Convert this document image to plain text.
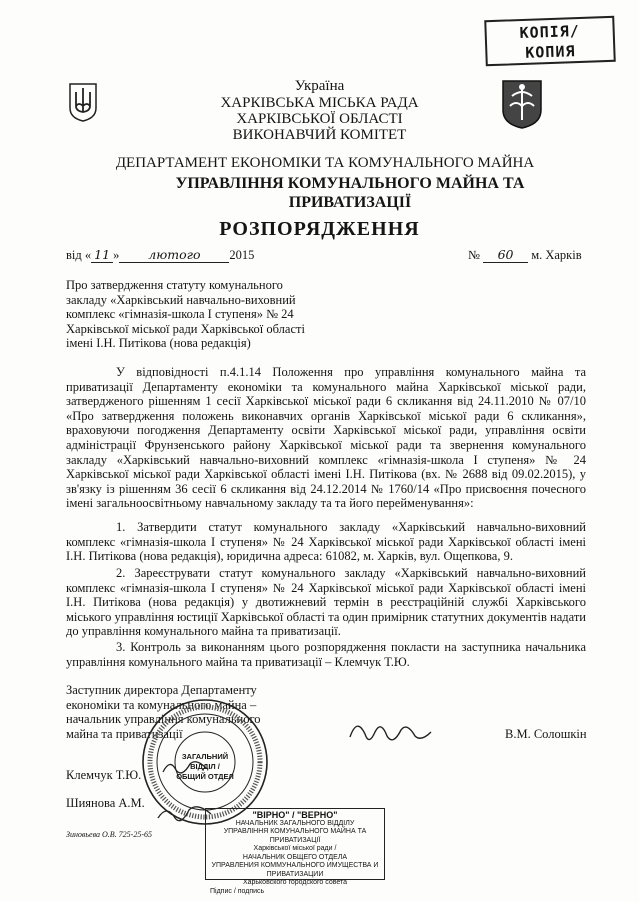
КОПІЯ/
КОПИЯ
Україна
ХАРКІВСЬКА МІСЬКА РАДА
ХАРКІВСЬКОЇ ОБЛАСТІ
ВИКОНАВЧИЙ КОМІТЕТ
ДЕПАРТАМЕНТ ЕКОНОМІКИ ТА КОМУНАЛЬНОГО МАЙНА
УПРАВЛІННЯ КОМУНАЛЬНОГО МАЙНА ТА
ПРИВАТИЗАЦІЇ
РОЗПОРЯДЖЕННЯ
від « 11 » лютого 2015	№ 60 м. Харків
Про затвердження статуту комунального
закладу «Харківський навчально-виховний
комплекс «гімназія-школа І ступеня» № 24
Харківської міської ради Харківської області
імені І.Н. Питікова (нова редакція)
У відповідності п.4.1.14 Положення про управління комунального майна та приватизації Департаменту економіки та комунального майна Харківської міської ради, затвердженого рішенням 1 сесії Харківської міської ради 6 скликання від 24.11.2010 № 07/10 «Про затвердження положень виконавчих органів Харківської міської ради 6 скликання», враховуючи погодження Департаменту освіти Харківської міської ради, управління освіти адміністрації Фрунзенського району Харківської міської ради та звернення комунального закладу «Харківський навчально-виховний комплекс «гімназія-школа І ступеня» № 24 Харківської міської ради Харківської області імені І.Н. Питікова (вх. № 2688 від 09.02.2015), у зв'язку із рішенням 36 сесії 6 скликання від 24.12.2014 № 1760/14 «Про присвоєння почесного імені загальноосвітньому навчальному закладу та та його перейменування»:
1. Затвердити статут комунального закладу «Харківський навчально-виховний комплекс «гімназія-школа І ступеня» № 24 Харківської міської ради Харківської області імені І.Н. Питікова (нова редакція), юридична адреса: 61082, м. Харків, вул. Ощепкова, 9.
2. Зареєструвати статут комунального закладу «Харківський навчально-виховний комплекс «гімназія-школа І ступеня» № 24 Харківської міської ради Харківської області імені І.Н. Питікова (нова редакція) у двотижневий термін в реєстраційній службі Харківського міського управління юстиції Харківської області та один примірник статутних документів надати до управління комунального майна та приватизації.
3. Контроль за виконанням цього розпорядження покласти на заступника начальника управління комунального майна та приватизації – Клемчук Т.Ю.
Заступник директора Департаменту
економіки та комунального майна –
начальник управління комунального
майна та приватизації	В.М. Солошкін
ЗАГАЛЬНИЙ
ВІДДІЛ /
ОБЩИЙ ОТДЕЛ
Клемчук Т.Ю.
Шиянова А.М.
Зиновьева О.В. 725-25-65
"ВІРНО" / "ВЕРНО"
НАЧАЛЬНИК ЗАГАЛЬНОГО ВІДДІЛУ
УПРАВЛІННЯ КОМУНАЛЬНОГО МАЙНА ТА ПРИВАТИЗАЦІЇ
Харківської міської ради /
НАЧАЛЬНИК ОБЩЕГО ОТДЕЛА
УПРАВЛЕНИЯ КОММУНАЛЬНОГО ИМУЩЕСТВА И ПРИВАТИЗАЦИИ
Харьковского городского совета
Підпис / подпись
